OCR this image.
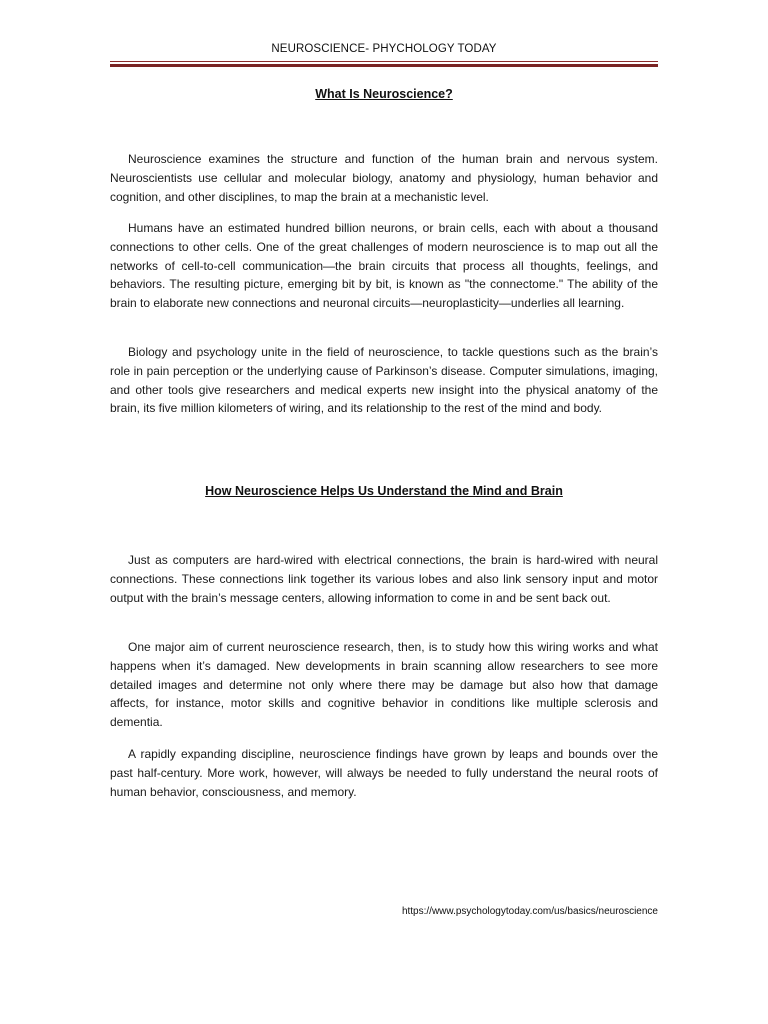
NEUROSCIENCE- PHYCHOLOGY TODAY
What Is Neuroscience?

Neuroscience examines the structure and function of the human brain and nervous system. Neuroscientists use cellular and molecular biology, anatomy and physiology, human behavior and cognition, and other disciplines, to map the brain at a mechanistic level.

Humans have an estimated hundred billion neurons, or brain cells, each with about a thousand connections to other cells. One of the great challenges of modern neuroscience is to map out all the networks of cell-to-cell communication—the brain circuits that process all thoughts, feelings, and behaviors. The resulting picture, emerging bit by bit, is known as "the connectome." The ability of the brain to elaborate new connections and neuronal circuits—neuroplasticity—underlies all learning.

Biology and psychology unite in the field of neuroscience, to tackle questions such as the brain’s role in pain perception or the underlying cause of Parkinson’s disease. Computer simulations, imaging, and other tools give researchers and medical experts new insight into the physical anatomy of the brain, its five million kilometers of wiring, and its relationship to the rest of the mind and body.

How Neuroscience Helps Us Understand the Mind and Brain

Just as computers are hard-wired with electrical connections, the brain is hard-wired with neural connections. These connections link together its various lobes and also link sensory input and motor output with the brain’s message centers, allowing information to come in and be sent back out.

One major aim of current neuroscience research, then, is to study how this wiring works and what happens when it’s damaged. New developments in brain scanning allow researchers to see more detailed images and determine not only where there may be damage but also how that damage affects, for instance, motor skills and cognitive behavior in conditions like multiple sclerosis and dementia.

A rapidly expanding discipline, neuroscience findings have grown by leaps and bounds over the past half-century. More work, however, will always be needed to fully understand the neural roots of human behavior, consciousness, and memory.

https://www.psychologytoday.com/us/basics/neuroscience
